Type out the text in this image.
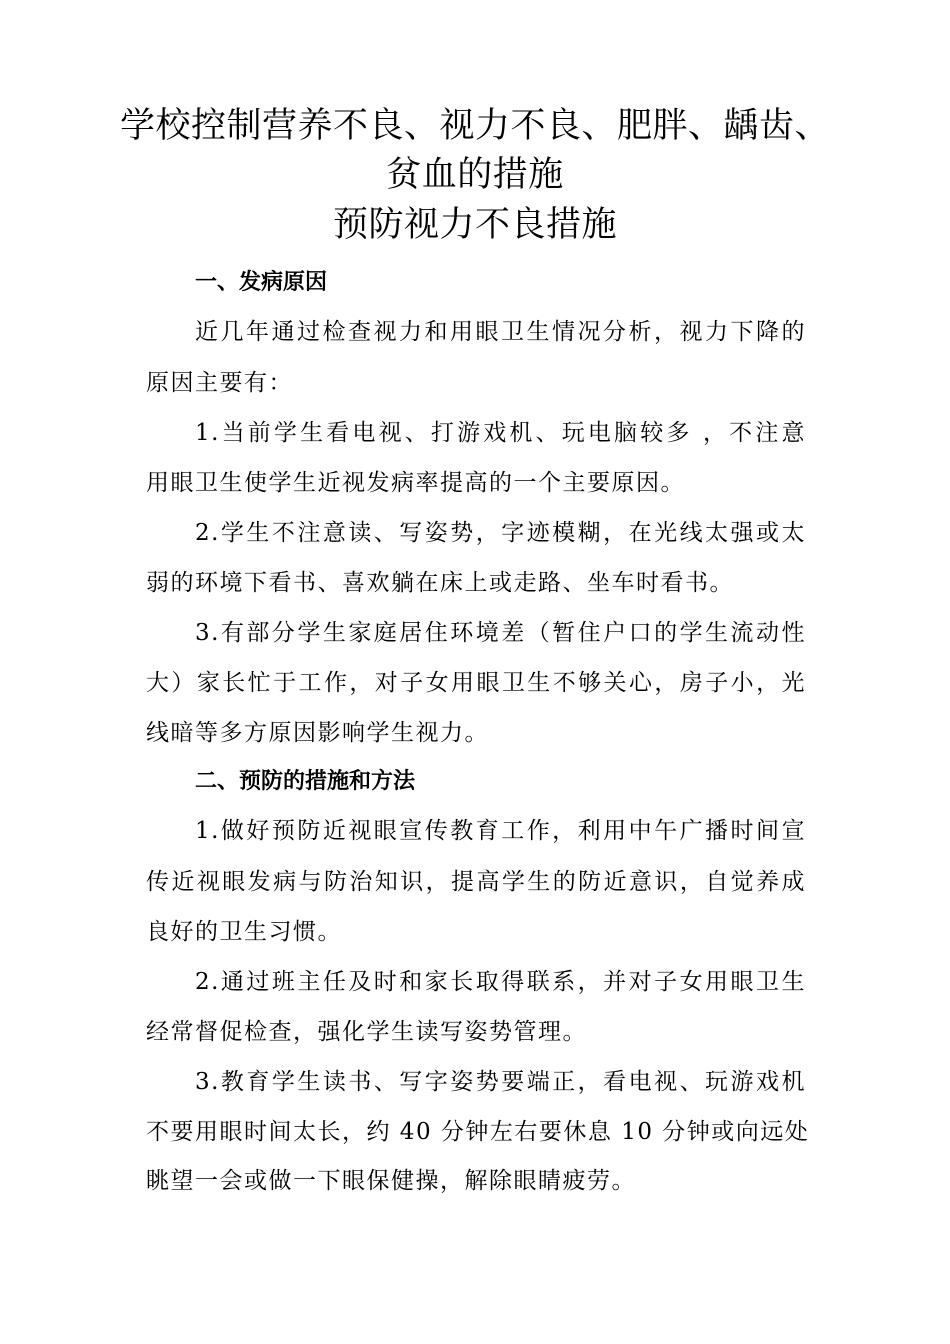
学校控制营养不良、视力不良、肥胖、龋齿、
贫血的措施
预防视力不良措施
一、发病原因
近几年通过检查视力和用眼卫生情况分析，视力下降的
原因主要有：
1.当前学生看电视、打游戏机、玩电脑较多 ，不注意
用眼卫生使学生近视发病率提高的一个主要原因。
2.学生不注意读、写姿势，字迹模糊，在光线太强或太
弱的环境下看书、喜欢躺在床上或走路、坐车时看书。
3.有部分学生家庭居住环境差（暂住户口的学生流动性
大）家长忙于工作，对子女用眼卫生不够关心，房子小，光
线暗等多方原因影响学生视力。
二、预防的措施和方法
1.做好预防近视眼宣传教育工作，利用中午广播时间宣
传近视眼发病与防治知识，提高学生的防近意识，自觉养成
良好的卫生习惯。
2.通过班主任及时和家长取得联系，并对子女用眼卫生
经常督促检查，强化学生读写姿势管理。
3.教育学生读书、写字姿势要端正，看电视、玩游戏机
不要用眼时间太长，约 40 分钟左右要休息 10 分钟或向远处
眺望一会或做一下眼保健操，解除眼睛疲劳。
